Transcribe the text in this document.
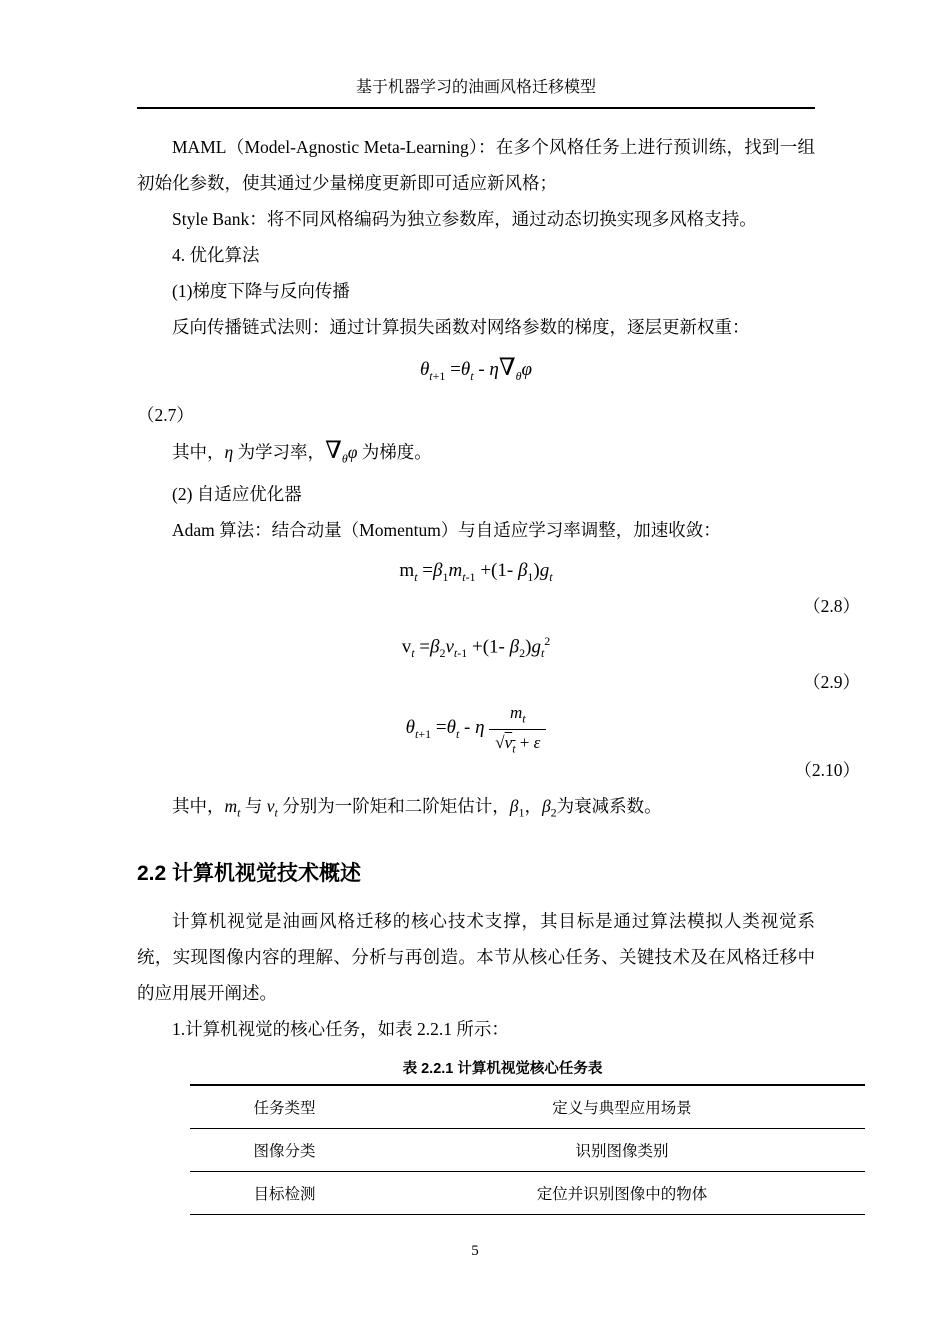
基于机器学习的油画风格迁移模型

MAML（Model-Agnostic Meta-Learning）：在多个风格任务上进行预训练，找到一组初始化参数，使其通过少量梯度更新即可适应新风格；

Style Bank：将不同风格编码为独立参数库，通过动态切换实现多风格支持。

4. 优化算法

(1)梯度下降与反向传播

反向传播链式法则：通过计算损失函数对网络参数的梯度，逐层更新权重：

$\theta_{t+1} =\theta_t - \eta\nabla_\theta\varphi$
（2.7）

其中，η 为学习率，$\nabla_\theta\varphi$ 为梯度。

(2) 自适应优化器

Adam 算法：结合动量（Momentum）与自适应学习率调整，加速收敛：

$m_t =\beta_1m_{t-1} +(1-$ $\beta_1)g_t$
（2.8）
$v_t =\beta_2v_{t-1} +(1-$ $\beta_2)g_t^2$
（2.9）
$\theta_{t+1} =\theta_t - \eta \frac{m_t}{√v_t + \varepsilon}$
（2.10）

其中，$m_t$ 与 $v_t$ 分别为一阶矩和二阶矩估计，$\beta_1$，$\beta_2$为衰减系数。

2.2 计算机视觉技术概述

计算机视觉是油画风格迁移的核心技术支撑，其目标是通过算法模拟人类视觉系统，实现图像内容的理解、分析与再创造。本节从核心任务、关键技术及在风格迁移中的应用展开阐述。

1.计算机视觉的核心任务，如表 2.2.1 所示：

表 2.2.1 计算机视觉核心任务表
任务类型	定义与典型应用场景
图像分类	识别图像类别
目标检测	定位并识别图像中的物体
5
